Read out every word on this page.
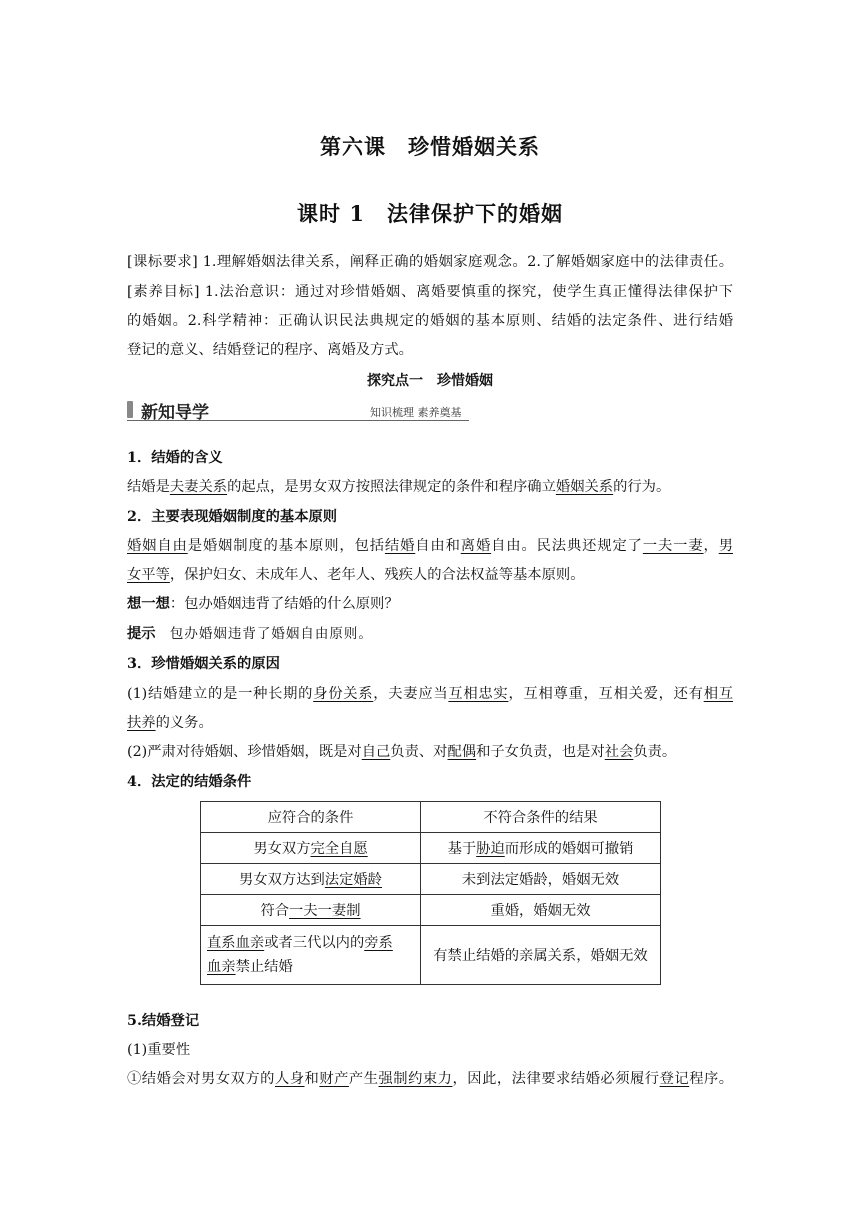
第六课　珍惜婚姻关系
课时 1　法律保护下的婚姻
[课标要求] 1.理解婚姻法律关系，阐释正确的婚姻家庭观念。2.了解婚姻家庭中的法律责任。
[素养目标] 1.法治意识：通过对珍惜婚姻、离婚要慎重的探究，使学生真正懂得法律保护下
的婚姻。2.科学精神：正确认识民法典规定的婚姻的基本原则、结婚的法定条件、进行结婚
登记的意义、结婚登记的程序、离婚及方式。
探究点一　珍惜婚姻
新知导学	知识梳理 素养奠基
1．结婚的含义
结婚是夫妻关系的起点，是男女双方按照法律规定的条件和程序确立婚姻关系的行为。
2．主要表现婚姻制度的基本原则
婚姻自由是婚姻制度的基本原则，包括结婚自由和离婚自由。民法典还规定了一夫一妻，男
女平等，保护妇女、未成年人、老年人、残疾人的合法权益等基本原则。
想一想：包办婚姻违背了结婚的什么原则？
提示　 包办婚姻违背了婚姻自由原则。
3．珍惜婚姻关系的原因
(1)结婚建立的是一种长期的身份关系，夫妻应当互相忠实，互相尊重，互相关爱，还有相互
扶养的义务。
(2)严肃对待婚姻、珍惜婚姻，既是对自己负责、对配偶和子女负责，也是对社会负责。
4．法定的结婚条件
应符合的条件	不符合条件的结果
男女双方完全自愿	基于胁迫而形成的婚姻可撤销
男女双方达到法定婚龄	未到法定婚龄，婚姻无效
符合一夫一妻制	重婚，婚姻无效
直系血亲或者三代以内的旁系
血亲禁止结婚	有禁止结婚的亲属关系，婚姻无效
5.结婚登记
(1)重要性
①结婚会对男女双方的人身和财产产生强制约束力，因此，法律要求结婚必须履行登记程序。
